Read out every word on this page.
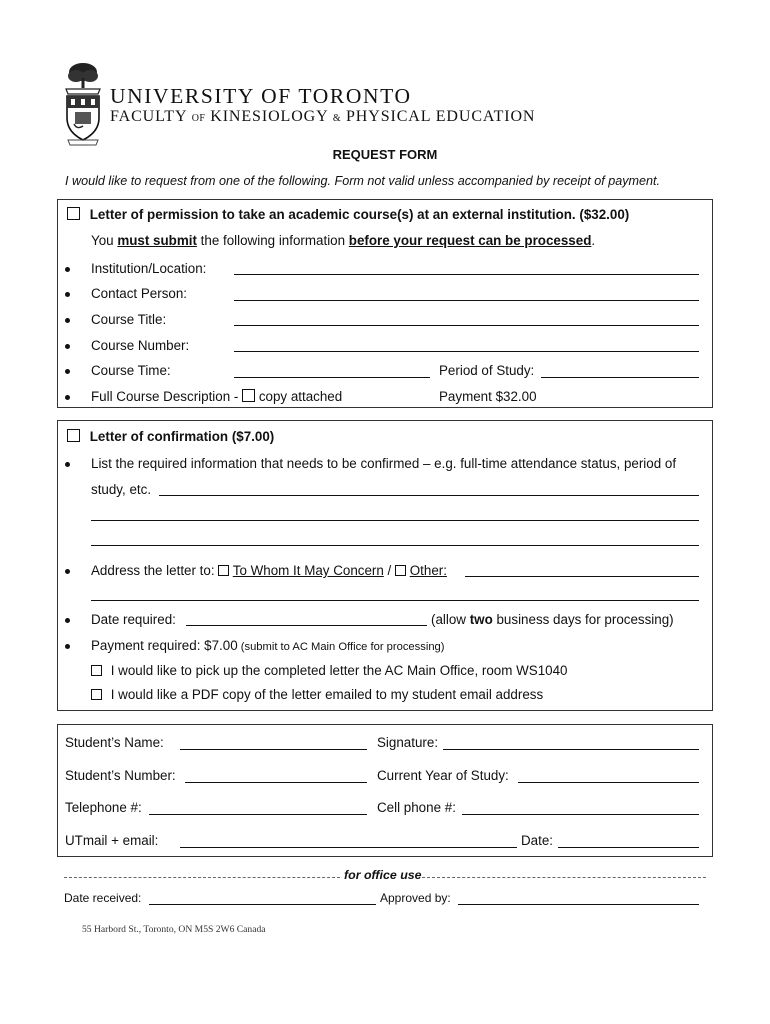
UNIVERSITY OF TORONTO
FACULTY OF KINESIOLOGY & PHYSICAL EDUCATION
REQUEST FORM
I would like to request from one of the following. Form not valid unless accompanied by receipt of payment.
Letter of permission to take an academic course(s) at an external institution. ($32.00)
You must submit the following information before your request can be processed.
Institution/Location:
Contact Person:
Course Title:
Course Number:
Course Time:	Period of Study:
Full Course Description -  copy attached	Payment $32.00
Letter of confirmation ($7.00)
List the required information that needs to be confirmed – e.g. full-time attendance status, period of
study, etc.
Address the letter to:  To Whom It May Concern /  Other:
Date required:	(allow two business days for processing)
Payment required: $7.00 (submit to AC Main Office for processing)
I would like to pick up the completed letter the AC Main Office, room WS1040
I would like a PDF copy of the letter emailed to my student email address
Student’s Name:	Signature:
Student’s Number:	Current Year of Study:
Telephone #:	Cell phone #:
UTmail + email:	Date:
for office use
Date received:	Approved by:
55 Harbord St., Toronto, ON M5S 2W6 Canada
